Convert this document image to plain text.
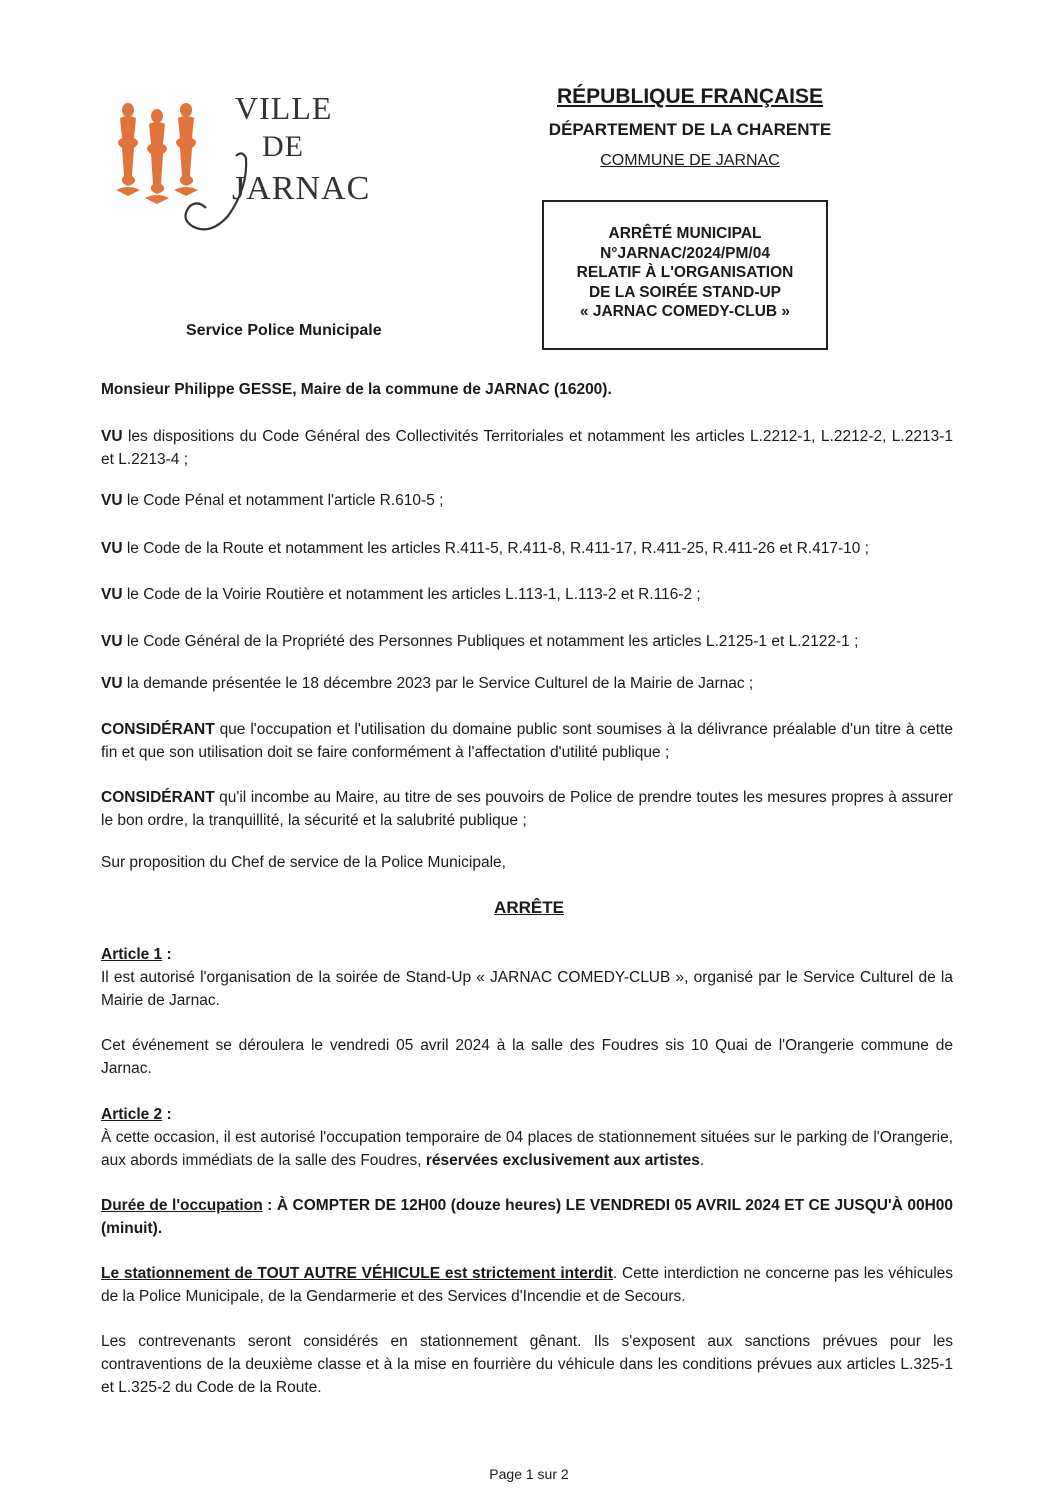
VILLE
DE
JARNAC
RÉPUBLIQUE FRANÇAISE
DÉPARTEMENT DE LA CHARENTE
COMMUNE DE JARNAC
ARRÊTÉ MUNICIPAL
N°JARNAC/2024/PM/04
RELATIF À L'ORGANISATION
DE LA SOIRÉE STAND-UP
« JARNAC COMEDY-CLUB »
Service Police Municipale
Monsieur Philippe GESSE, Maire de la commune de JARNAC (16200).
VU les dispositions du Code Général des Collectivités Territoriales et notamment les articles L.2212-1, L.2212-2, L.2213-1 et L.2213-4 ;
VU le Code Pénal et notamment l'article R.610-5 ;
VU le Code de la Route et notamment les articles R.411-5, R.411-8, R.411-17, R.411-25, R.411-26 et R.417-10 ;
VU le Code de la Voirie Routière et notamment les articles L.113-1, L.113-2 et R.116-2 ;
VU le Code Général de la Propriété des Personnes Publiques et notamment les articles L.2125-1 et L.2122-1 ;
VU la demande présentée le 18 décembre 2023 par le Service Culturel de la Mairie de Jarnac ;
CONSIDÉRANT que l'occupation et l'utilisation du domaine public sont soumises à la délivrance préalable d'un titre à cette fin et que son utilisation doit se faire conformément à l'affectation d'utilité publique ;
CONSIDÉRANT qu'il incombe au Maire, au titre de ses pouvoirs de Police de prendre toutes les mesures propres à assurer le bon ordre, la tranquillité, la sécurité et la salubrité publique ;
Sur proposition du Chef de service de la Police Municipale,
ARRÊTE
Article 1 :
Il est autorisé l'organisation de la soirée de Stand-Up « JARNAC COMEDY-CLUB », organisé par le Service Culturel de la Mairie de Jarnac.
Cet événement se déroulera le vendredi 05 avril 2024 à la salle des Foudres sis 10 Quai de l'Orangerie commune de Jarnac.
Article 2 :
À cette occasion, il est autorisé l'occupation temporaire de 04 places de stationnement situées sur le parking de l'Orangerie, aux abords immédiats de la salle des Foudres, réservées exclusivement aux artistes.
Durée de l'occupation : À COMPTER DE 12H00 (douze heures) LE VENDREDI 05 AVRIL 2024 ET CE JUSQU'À 00H00 (minuit).
Le stationnement de TOUT AUTRE VÉHICULE est strictement interdit. Cette interdiction ne concerne pas les véhicules de la Police Municipale, de la Gendarmerie et des Services d'Incendie et de Secours.
Les contrevenants seront considérés en stationnement gênant. Ils s'exposent aux sanctions prévues pour les contraventions de la deuxième classe et à la mise en fourrière du véhicule dans les conditions prévues aux articles L.325-1 et L.325-2 du Code de la Route.
Page 1 sur 2
